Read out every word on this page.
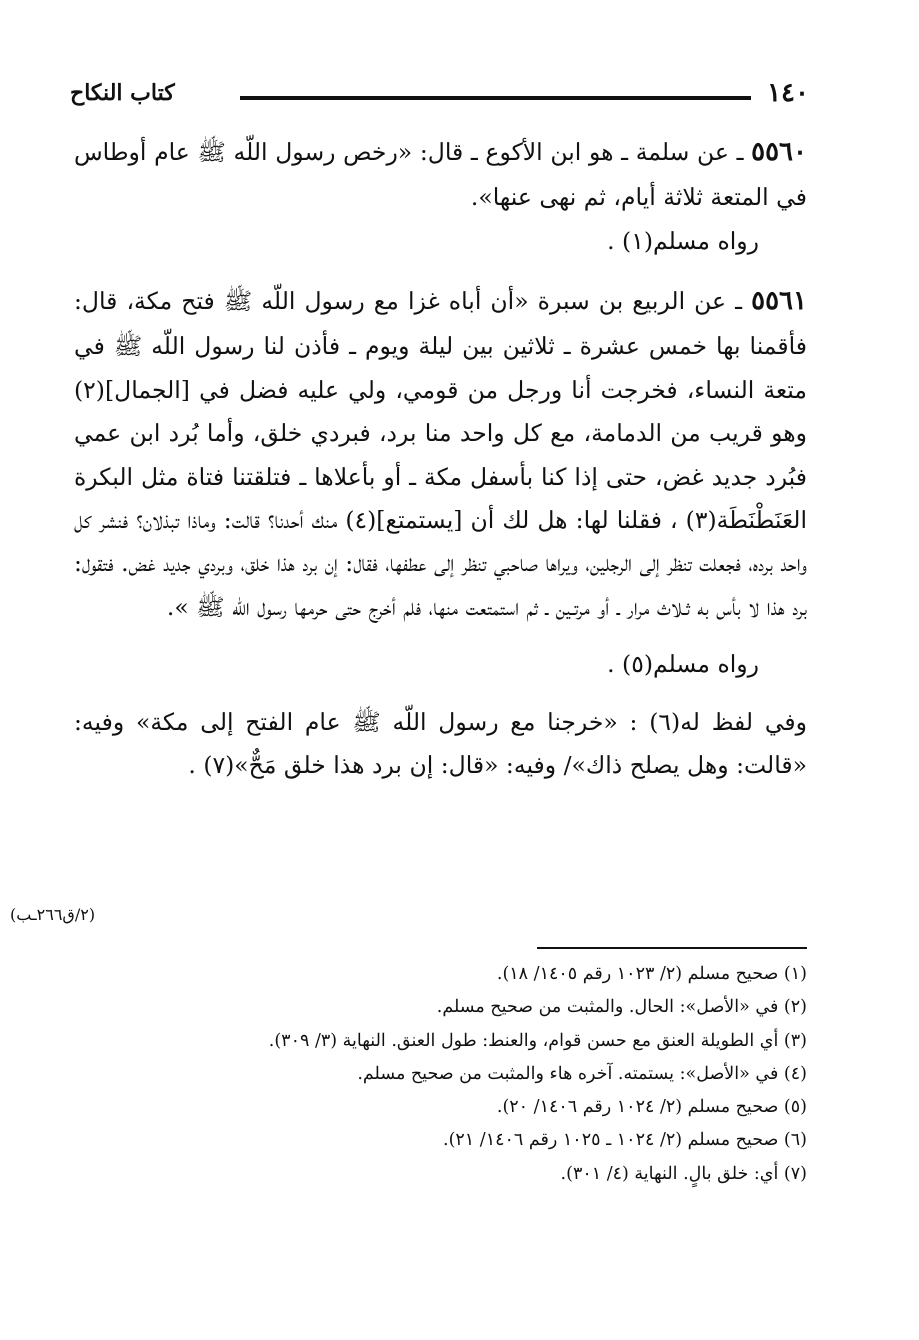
١٤٠
كتاب النكاح

٥٥٦٠ ـ عن سلمة ـ هو ابن الأكوع ـ قال: «رخص رسول اللّه ﷺ عام أوطاس في المتعة ثلاثة أيام، ثم نهى عنها».

رواه مسلم(١) .

٥٥٦١ ـ عن الربيع بن سبرة «أن أباه غزا مع رسول اللّه ﷺ فتح مكة، قال: فأقمنا بها خمس عشرة ـ ثلاثين بين ليلة ويوم ـ فأذن لنا رسول اللّه ﷺ في متعة النساء، فخرجت أنا ورجل من قومي، ولي عليه فضل في [الجمال](٢) وهو قريب من الدمامة، مع كل واحد منا برد، فبردي خلق، وأما بُرد ابن عمي فبُرد جديد غض، حتى إذا كنا بأسفل مكة ـ أو بأعلاها ـ فتلقتنا فتاة مثل البكرة العَنَطْنَطَة(٣) ، فقلنا لها: هل لك أن [يستمتع](٤) منك أحدنا؟ قالت: وماذا تبذلان؟ فنشر كل واحد برده، فجعلت تنظر إلى الرجلين، ويراها صاحبي تنظر إلى عطفها، فقال: إن برد هذا خلق، وبردي جديد غض. فتقول: برد هذا لا بأس به ثـلاث مرار ـ أو مرتـين ـ ثم استمتعت منها، فلم أخرج حتى حرمها رسول اللّه ﷺ ».

رواه مسلم(٥) .

وفي لفظ له(٦) : «خرجنا مع رسول اللّه ﷺ عام الفتح إلى مكة» وفيه: «قالت: وهل يصلح ذاك»/ وفيه: «قال: إن برد هذا خلق مَحٌّ»(٧) .

(٢/ق٢٦٦ـب)
(١) صحيح مسلم (٢/ ١٠٢٣ رقم ١٤٠٥/ ١٨).
(٢) في «الأصل»: الحال. والمثبت من صحيح مسلم.
(٣) أي الطويلة العنق مع حسن قوام، والعنط: طول العنق. النهاية (٣/ ٣٠٩).
(٤) في «الأصل»: يستمته. آخره هاء والمثبت من صحيح مسلم.
(٥) صحيح مسلم (٢/ ١٠٢٤ رقم ١٤٠٦/ ٢٠).
(٦) صحيح مسلم (٢/ ١٠٢٤ ـ ١٠٢٥ رقم ١٤٠٦/ ٢١).
(٧) أي: خلق بالٍ. النهاية (٤/ ٣٠١).
